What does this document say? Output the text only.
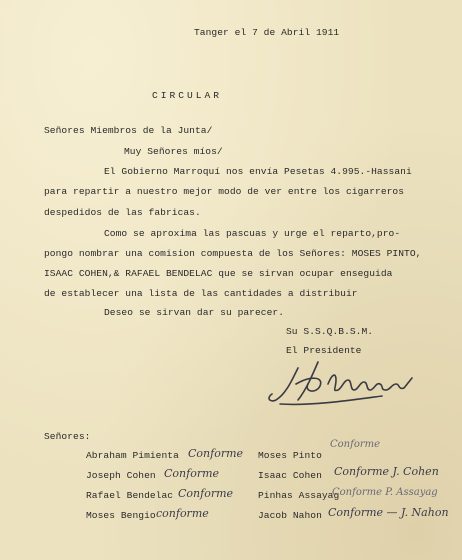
Tanger el 7 de Abril 1911
CIRCULAR
Señores Miembros de la Junta/
Muy Señores míos/
El Gobierno Marroquí nos envía Pesetas 4.995.-Hassani
para repartir a nuestro mejor modo de ver entre los cigarreros
despedidos de las fabricas.
Como se aproxima las pascuas y urge el reparto,pro-
pongo nombrar una comision compuesta de los Señores: MOSES PINTO,
ISAAC COHEN,& RAFAEL BENDELAC que se sirvan ocupar enseguida
de establecer una lista de las cantidades a distribuir
Deseo se sirvan dar su parecer.
Su S.S.Q.B.S.M.
El Presidente
Señores:
Abraham Pimienta Conforme
Joseph Cohen Conforme
Rafael Bendelac Conforme
Moses Bengio conforme
Moses Pinto
Conforme
Isaac Cohen Conforme J. Cohen
Pinhas Assayag
Conforme P. Assayag
Jacob Nahon Conforme — J. Nahon
